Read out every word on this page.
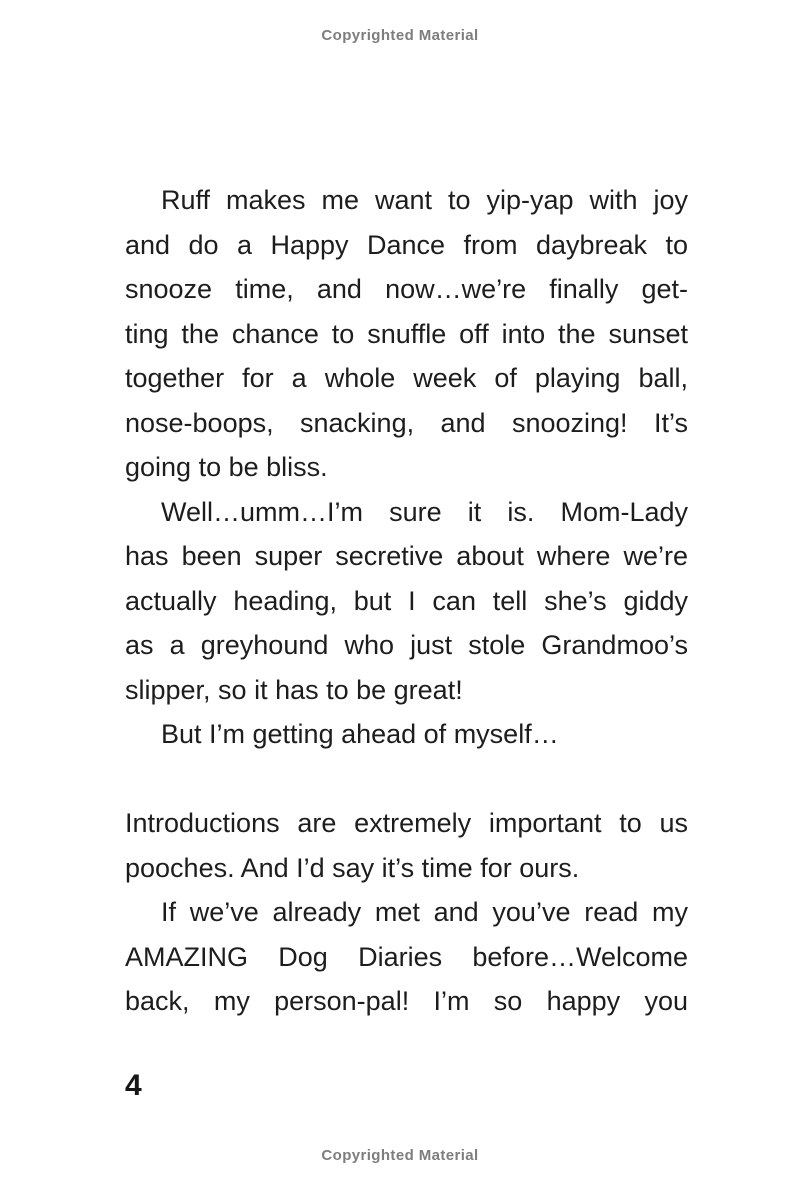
Copyrighted Material
Ruff makes me want to yip-yap with joy
and do a Happy Dance from daybreak to
snooze time, and now…we’re finally get-
ting the chance to snuffle off into the sunset
together for a whole week of playing ball,
nose-boops, snacking, and snoozing! It’s
going to be bliss.
Well…umm…I’m sure it is. Mom-Lady
has been super secretive about where we’re
actually heading, but I can tell she’s giddy
as a greyhound who just stole Grandmoo’s
slipper, so it has to be great!
But I’m getting ahead of myself…
Introductions are extremely important to us
pooches. And I’d say it’s time for ours.
If we’ve already met and you’ve read my
AMAZING Dog Diaries before…Welcome
back, my person-pal! I’m so happy you
4
Copyrighted Material
